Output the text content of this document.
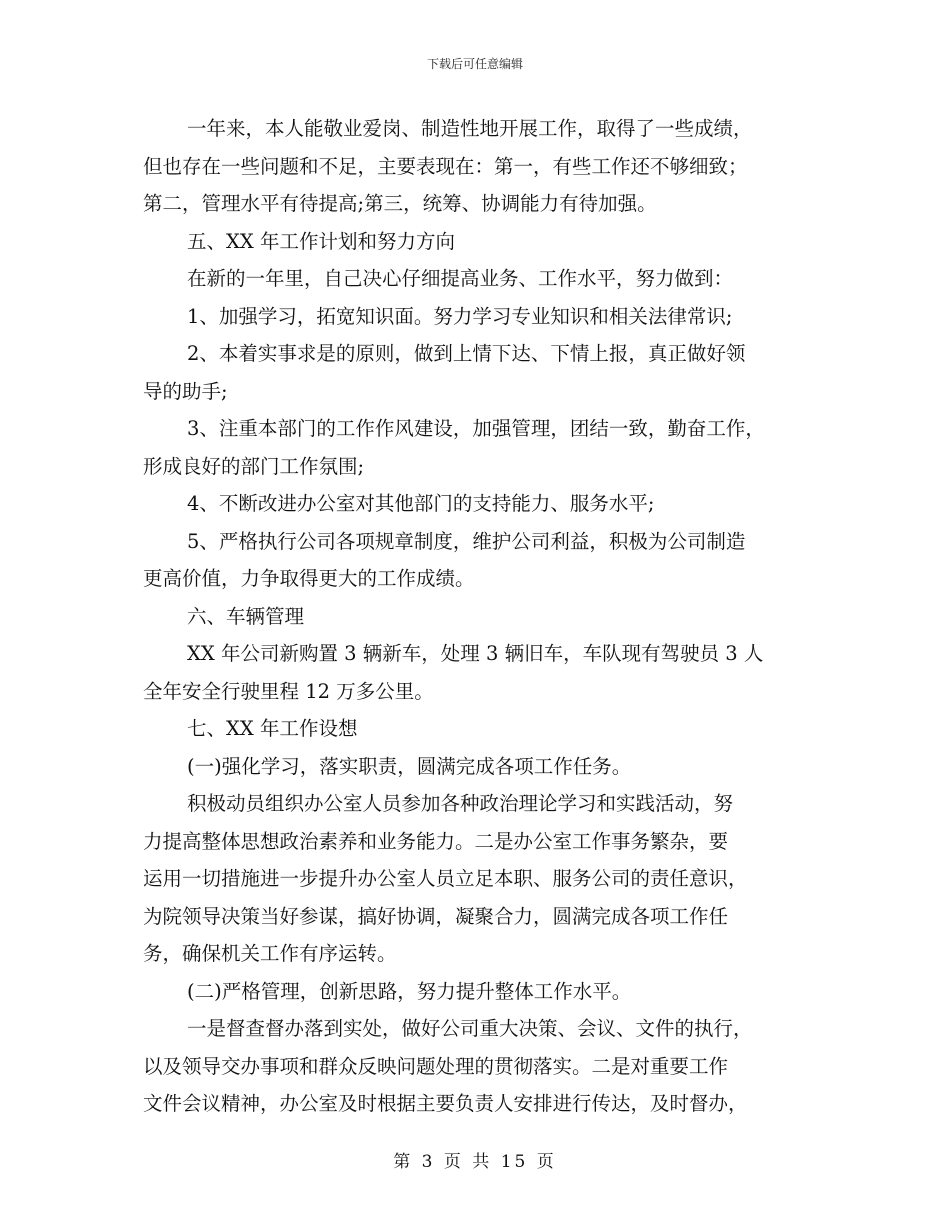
下载后可任意编辑
一年来，本人能敬业爱岗、制造性地开展工作，取得了一些成绩，
但也存在一些问题和不足，主要表现在：第一，有些工作还不够细致；
第二，管理水平有待提高;第三，统筹、协调能力有待加强。
五、XX 年工作计划和努力方向
在新的一年里，自己决心仔细提高业务、工作水平，努力做到：
1、加强学习，拓宽知识面。努力学习专业知识和相关法律常识;
2、本着实事求是的原则，做到上情下达、下情上报，真正做好领
导的助手;
3、注重本部门的工作作风建设，加强管理，团结一致，勤奋工作，
形成良好的部门工作氛围;
4、不断改进办公室对其他部门的支持能力、服务水平;
5、严格执行公司各项规章制度，维护公司利益，积极为公司制造
更高价值，力争取得更大的工作成绩。
六、车辆管理
XX 年公司新购置 3 辆新车，处理 3 辆旧车，车队现有驾驶员 3 人
全年安全行驶里程 12 万多公里。
七、XX 年工作设想
(一)强化学习，落实职责，圆满完成各项工作任务。
积极动员组织办公室人员参加各种政治理论学习和实践活动，努
力提高整体思想政治素养和业务能力。二是办公室工作事务繁杂，要
运用一切措施进一步提升办公室人员立足本职、服务公司的责任意识，
为院领导决策当好参谋，搞好协调，凝聚合力，圆满完成各项工作任
务，确保机关工作有序运转。
(二)严格管理，创新思路，努力提升整体工作水平。
一是督查督办落到实处，做好公司重大决策、会议、文件的执行，
以及领导交办事项和群众反映问题处理的贯彻落实。二是对重要工作
文件会议精神，办公室及时根据主要负责人安排进行传达，及时督办，
第 3 页 共 15 页
